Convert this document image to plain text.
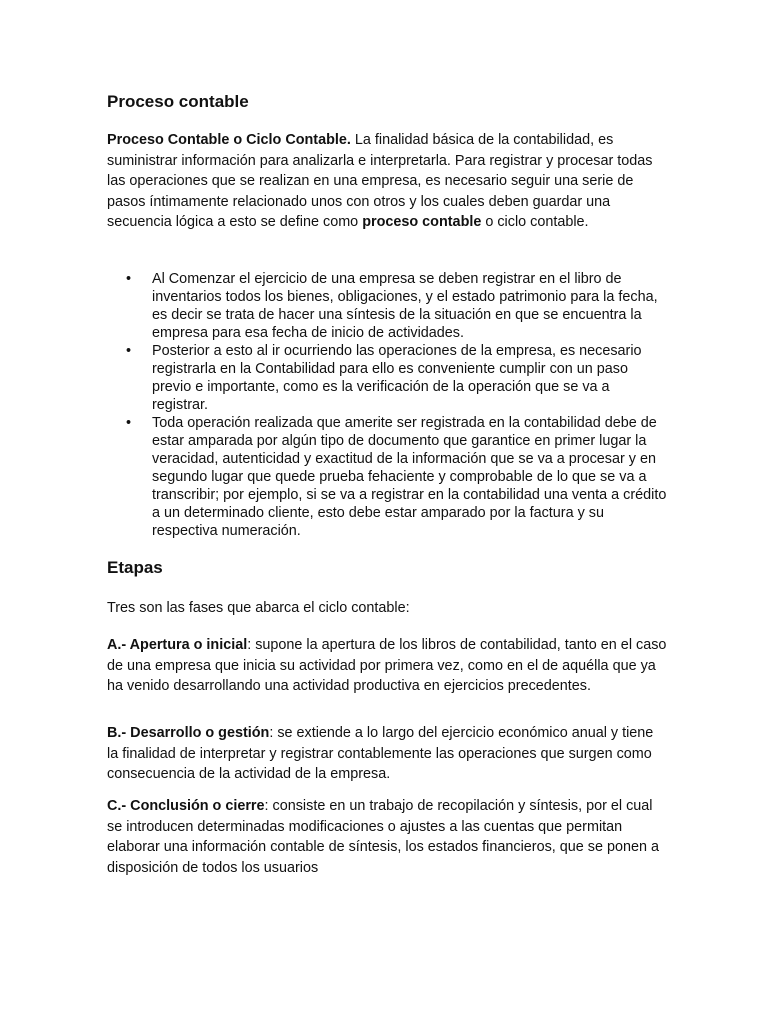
Proceso contable

Proceso Contable o Ciclo Contable. La finalidad básica de la contabilidad, es suministrar información para analizarla e interpretarla. Para registrar y procesar todas las operaciones que se realizan en una empresa, es necesario seguir una serie de pasos íntimamente relacionado unos con otros y los cuales deben guardar una secuencia lógica a esto se define como proceso contable o ciclo contable.

• Al Comenzar el ejercicio de una empresa se deben registrar en el libro de inventarios todos los bienes, obligaciones, y el estado patrimonio para la fecha, es decir se trata de hacer una síntesis de la situación en que se encuentra la empresa para esa fecha de inicio de actividades.
• Posterior a esto al ir ocurriendo las operaciones de la empresa, es necesario registrarla en la Contabilidad para ello es conveniente cumplir con un paso previo e importante, como es la verificación de la operación que se va a registrar.
• Toda operación realizada que amerite ser registrada en la contabilidad debe de estar amparada por algún tipo de documento que garantice en primer lugar la veracidad, autenticidad y exactitud de la información que se va a procesar y en segundo lugar que quede prueba fehaciente y comprobable de lo que se va a transcribir; por ejemplo, si se va a registrar en la contabilidad una venta a crédito a un determinado cliente, esto debe estar amparado por la factura y su respectiva numeración.
Etapas

Tres son las fases que abarca el ciclo contable:

A.- Apertura o inicial: supone la apertura de los libros de contabilidad, tanto en el caso de una empresa que inicia su actividad por primera vez, como en el de aquélla que ya ha venido desarrollando una actividad productiva en ejercicios precedentes.

B.- Desarrollo o gestión: se extiende a lo largo del ejercicio económico anual y tiene la finalidad de interpretar y registrar contablemente las operaciones que surgen como consecuencia de la actividad de la empresa.

C.- Conclusión o cierre: consiste en un trabajo de recopilación y síntesis, por el cual se introducen determinadas modificaciones o ajustes a las cuentas que permitan elaborar una información contable de síntesis, los estados financieros, que se ponen a disposición de todos los usuarios
